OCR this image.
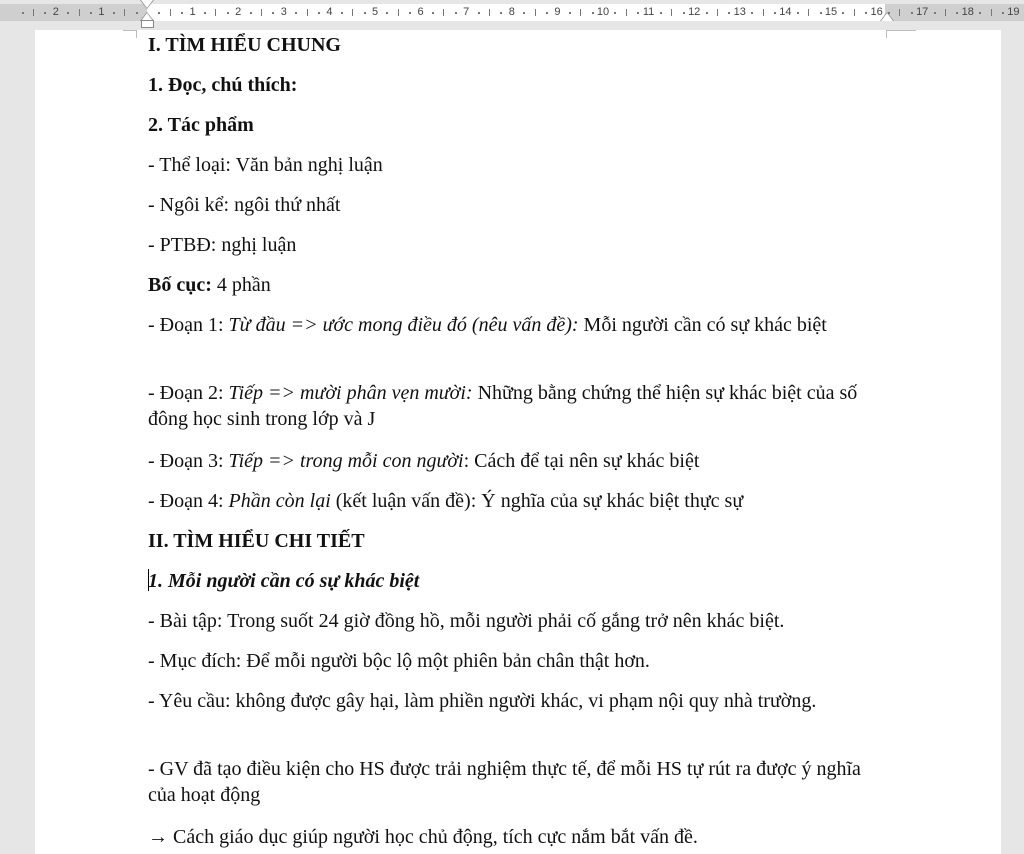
2	1	1	2	3	4	5	6	7	8	9	10	11	12	13	14	15	16	17	18	19

I. TÌM HIỂU CHUNG

1. Đọc, chú thích:

2. Tác phẩm

- Thể loại: Văn bản nghị luận

- Ngôi kể: ngôi thứ nhất

- PTBĐ: nghị luận

Bố cục: 4 phần

- Đoạn 1: Từ đầu => ước mong điều đó (nêu vấn đề): Mỗi người cần có sự khác biệt

- Đoạn 2: Tiếp => mười phân vẹn mười: Những bằng chứng thể hiện sự khác biệt của số đông học sinh trong lớp và J

- Đoạn 3: Tiếp => trong mỗi con người: Cách để tại nên sự khác biệt

- Đoạn 4: Phần còn lại (kết luận vấn đề): Ý nghĩa của sự khác biệt thực sự

II. TÌM HIỂU CHI TIẾT

1. Mỗi người cần có sự khác biệt

- Bài tập: Trong suốt 24 giờ đồng hồ, mỗi người phải cố gắng trở nên khác biệt.

- Mục đích: Để mỗi người bộc lộ một phiên bản chân thật hơn.

- Yêu cầu: không được gây hại, làm phiền người khác, vi phạm nội quy nhà trường.

- GV đã tạo điều kiện cho HS được trải nghiệm thực tế, để mỗi HS tự rút ra được ý nghĩa của hoạt động

→ Cách giáo dục giúp người học chủ động, tích cực nắm bắt vấn đề.
